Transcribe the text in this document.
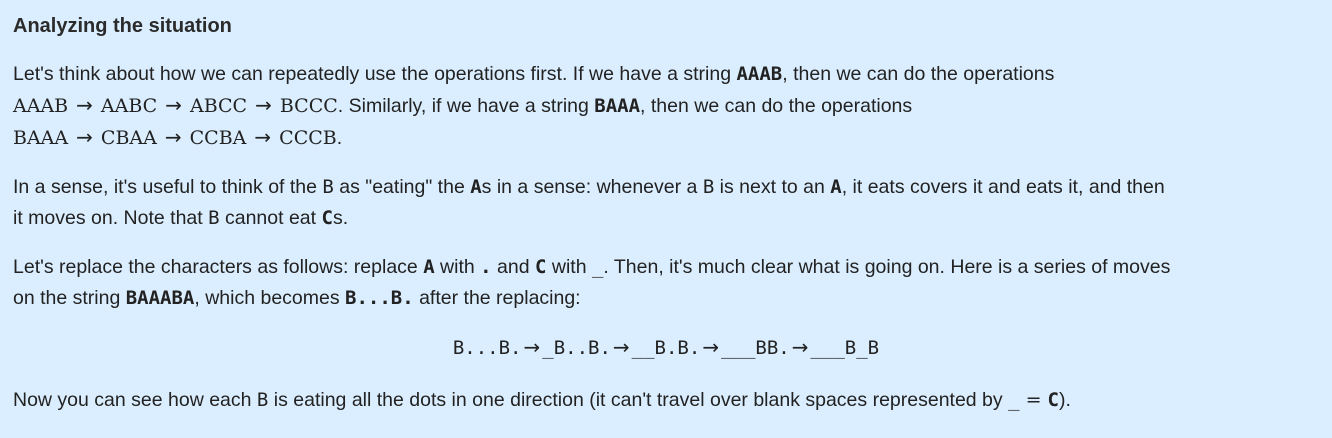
Analyzing the situation

Let's think about how we can repeatedly use the operations first. If we have a string AAAB, then we can do the operations
AAAB → AABC → ABCC → BCCC. Similarly, if we have a string BAAA, then we can do the operations
BAAA → CBAA → CCBA → CCCB.

In a sense, it's useful to think of the B as "eating" the As in a sense: whenever a B is next to an A, it eats covers it and eats it, and then
it moves on. Note that B cannot eat Cs.

Let's replace the characters as follows: replace A with . and C with _. Then, it's much clear what is going on. Here is a series of moves
on the string BAAABA, which becomes B...B. after the replacing:

B...B. → _B..B. → __B.B. → ___BB. → ___B_B

Now you can see how each B is eating all the dots in one direction (it can't travel over blank spaces represented by _ = C).
